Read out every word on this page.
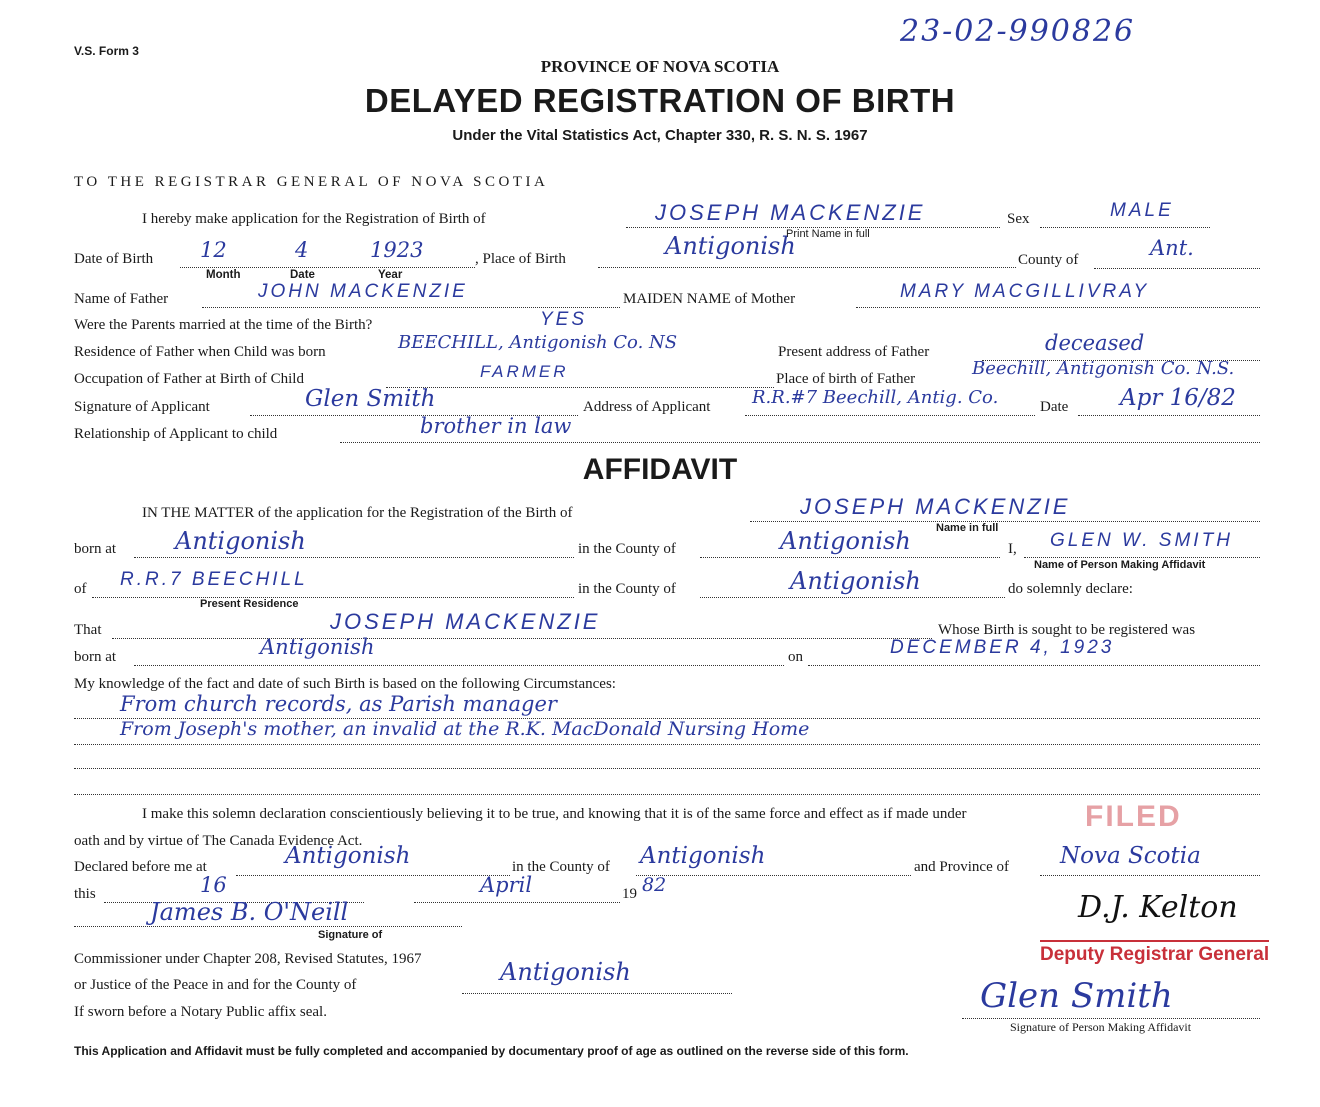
V.S. Form 3
23-02-990826
PROVINCE OF NOVA SCOTIA
DELAYED REGISTRATION OF BIRTH
Under the Vital Statistics Act, Chapter 330, R. S. N. S. 1967
TO THE REGISTRAR GENERAL OF NOVA SCOTIA
I hereby make application for the Registration of Birth of	JOSEPH MACKENZIE	Sex	MALE
Print Name in full
Date of Birth 12	4	1923
Month	Date	Year
, Place of Birth	Antigonish	County of	Ant.
Name of Father	JOHN MACKENZIE	MAIDEN NAME of Mother	MARY MACGILLIVRAY
Were the Parents married at the time of the Birth?	YES
Residence of Father when Child was born	BEECHILL, Antigonish Co. NS	Present address of Father	deceased
Occupation of Father at Birth of Child	FARMER	Place of birth of Father	Beechill, Antigonish Co. N.S.
Signature of Applicant	Glen Smith	Address of Applicant R.R.#7 Beechill, Antig. Co.	Date Apr 16/82
Relationship of Applicant to child	brother in law
AFFIDAVIT
IN THE MATTER of the application for the Registration of the Birth of	JOSEPH MACKENZIE
Name in full
born at Antigonish	in the County of	Antigonish	I, GLEN W. SMITH
Name of Person Making Affidavit
of R.R.7 BEECHILL
Present Residence
in the County of	Antigonish	do solemnly declare:
That	JOSEPH MACKENZIE	Whose Birth is sought to be registered was
born at	Antigonish	on	DECEMBER 4, 1923
My knowledge of the fact and date of such Birth is based on the following Circumstances:
From church records, as Parish manager
From Joseph's mother, an invalid at the R.K. MacDonald Nursing Home
I make this solemn declaration conscientiously believing it to be true, and knowing that it is of the same force and effect as if made under
oath and by virtue of The Canada Evidence Act.
FILED
Declared before me at	Antigonish	in the County of Antigonish	and Province of Nova Scotia
this	16	April	19 82
James B. O'Neill
Signature of
Commissioner under Chapter 208, Revised Statutes, 1967
or Justice of the Peace in and for the County of	Antigonish
If sworn before a Notary Public affix seal.
D.J. Kelton
Deputy Registrar General
Glen Smith
Signature of Person Making Affidavit
This Application and Affidavit must be fully completed and accompanied by documentary proof of age as outlined on the reverse side of this form.
